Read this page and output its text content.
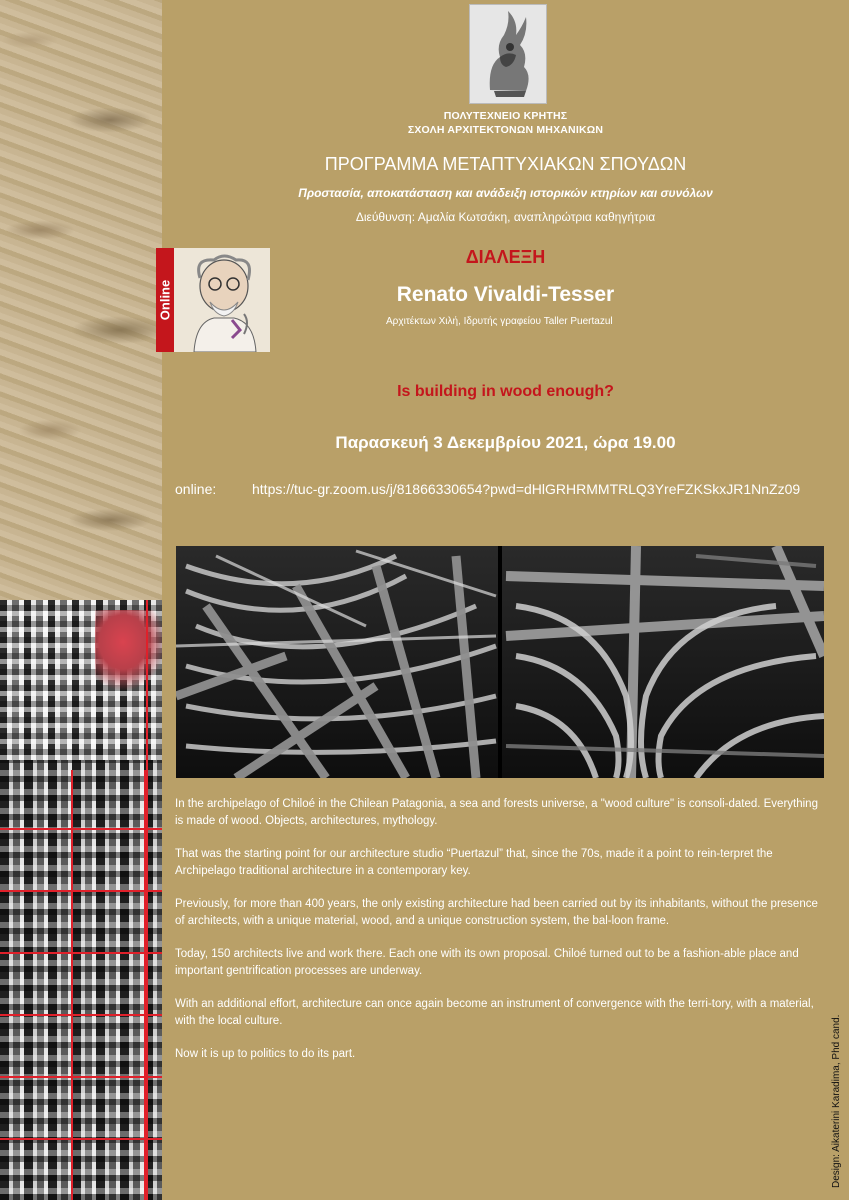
ΠΟΛΥΤΕΧΝΕΙΟ ΚΡΗΤΗΣ
ΣΧΟΛΗ ΑΡΧΙΤΕΚΤΟΝΩΝ ΜΗΧΑΝΙΚΩΝ
ΠΡΟΓΡΑΜΜΑ ΜΕΤΑΠΤΥΧΙΑΚΩΝ ΣΠΟΥΔΩΝ
Προστασία, αποκατάσταση και ανάδειξη ιστορικών κτηρίων και συνόλων
Διεύθυνση: Αμαλία Κωτσάκη, αναπληρώτρια καθηγήτρια
Online
ΔΙΑΛΕΞΗ
Renato Vivaldi-Tesser
Αρχιτέκτων Χιλή, Ιδρυτής γραφείου Taller Puertazul
Is building in wood enough?
Παρασκευή 3 Δεκεμβρίου 2021, ώρα 19.00
online:	https://tuc-gr.zoom.us/j/81866330654?pwd=dHlGRHRMMTRLQ3YreFZKSkxJR1NnZz09

In the archipelago of Chiloé in the Chilean Patagonia, a sea and forests universe, a "wood culture" is consoli-dated. Everything is made of wood. Objects, architectures, mythology.

That was the starting point for our architecture studio “Puertazul” that, since the 70s, made it a point to rein-terpret the Archipelago traditional architecture in a contemporary key.

Previously, for more than 400 years, the only existing architecture had been carried out by its inhabitants, without the presence of architects, with a unique material, wood, and a unique construction system, the bal-loon frame.

Today, 150 architects live and work there. Each one with its own proposal. Chiloé turned out to be a fashion-able place and important gentrification processes are underway.

With an additional effort, architecture can once again become an instrument of convergence with the terri-tory, with a material, with the local culture.

Now it is up to politics to do its part.	Design: Aikaterini Karadima, Phd cand.
